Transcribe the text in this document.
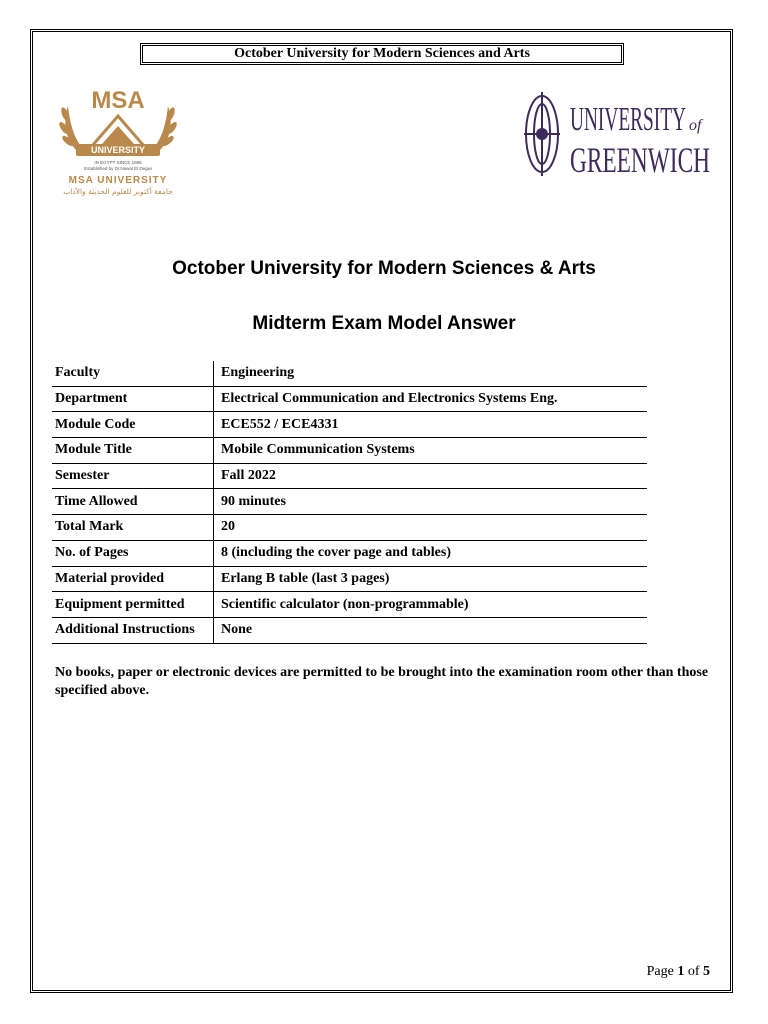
October University for Modern Sciences and Arts
MSA
UNIVERSITY
IN EGYPT SINCE 1996
Established by Dr.Nawal El Degwi
MSA UNIVERSITY
جامعة أكتوبر للعلوم الحديثة والآداب
UNIVERSITY of
GREENWICH
October University for Modern Sciences & Arts
Midterm Exam Model Answer
Faculty	Engineering
Department	Electrical Communication and Electronics Systems Eng.
Module Code	ECE552 / ECE4331
Module Title	Mobile Communication Systems
Semester	Fall 2022
Time Allowed	90 minutes
Total Mark	20
No. of Pages	8 (including the cover page and tables)
Material provided	Erlang B table (last 3 pages)
Equipment permitted	Scientific calculator (non-programmable)
Additional Instructions	None
No books, paper or electronic devices are permitted to be brought into the examination room other than those specified above.
Page 1 of 5
